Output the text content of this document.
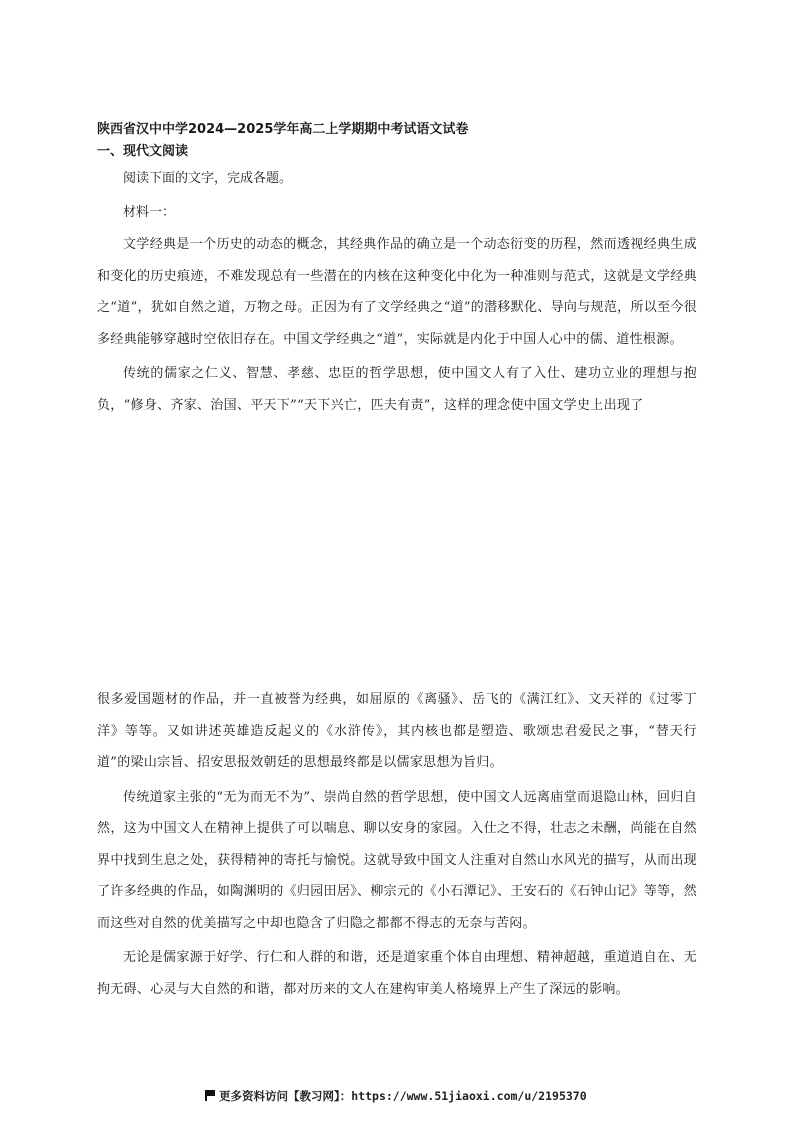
陕西省汉中中学2024—2025学年高二上学期期中考试语文试卷
一、现代文阅读
阅读下面的文字，完成各题。
材料一：

文学经典是一个历史的动态的概念，其经典作品的确立是一个动态衍变的历程，然而透视经典生成和变化的历史痕迹，不难发现总有一些潜在的内核在这种变化中化为一种准则与范式，这就是文学经典之“道”，犹如自然之道，万物之母。正因为有了文学经典之“道”的潜移默化、导向与规范，所以至今很多经典能够穿越时空依旧存在。中国文学经典之“道”，实际就是内化于中国人心中的儒、道性根源。

传统的儒家之仁义、智慧、孝慈、忠臣的哲学思想，使中国文人有了入仕、建功立业的理想与抱负，“修身、齐家、治国、平天下”“天下兴亡，匹夫有责”，这样的理念使中国文学史上出现了

很多爱国题材的作品，并一直被誉为经典，如屈原的《离骚》、岳飞的《满江红》、文天祥的《过零丁洋》等等。又如讲述英雄造反起义的《水浒传》，其内核也都是塑造、歌颂忠君爱民之事，“替天行道”的梁山宗旨、招安思报效朝廷的思想最终都是以儒家思想为旨归。

传统道家主张的“无为而无不为”、崇尚自然的哲学思想，使中国文人远离庙堂而退隐山林，回归自然，这为中国文人在精神上提供了可以喘息、聊以安身的家园。入仕之不得，壮志之未酬，尚能在自然界中找到生息之处，获得精神的寄托与愉悦。这就导致中国文人注重对自然山水风光的描写，从而出现了许多经典的作品，如陶渊明的《归园田居》、柳宗元的《小石潭记》、王安石的《石钟山记》等等，然而这些对自然的优美描写之中却也隐含了归隐之都都不得志的无奈与苦闷。

无论是儒家源于好学、行仁和人群的和谐，还是道家重个体自由理想、精神超越，重道逍自在、无拘无碍、心灵与大自然的和谐，都对历来的文人在建构审美人格境界上产生了深远的影响。

更多资料访问【教习网】：https://www.51jiaoxi.com/u/2195370
